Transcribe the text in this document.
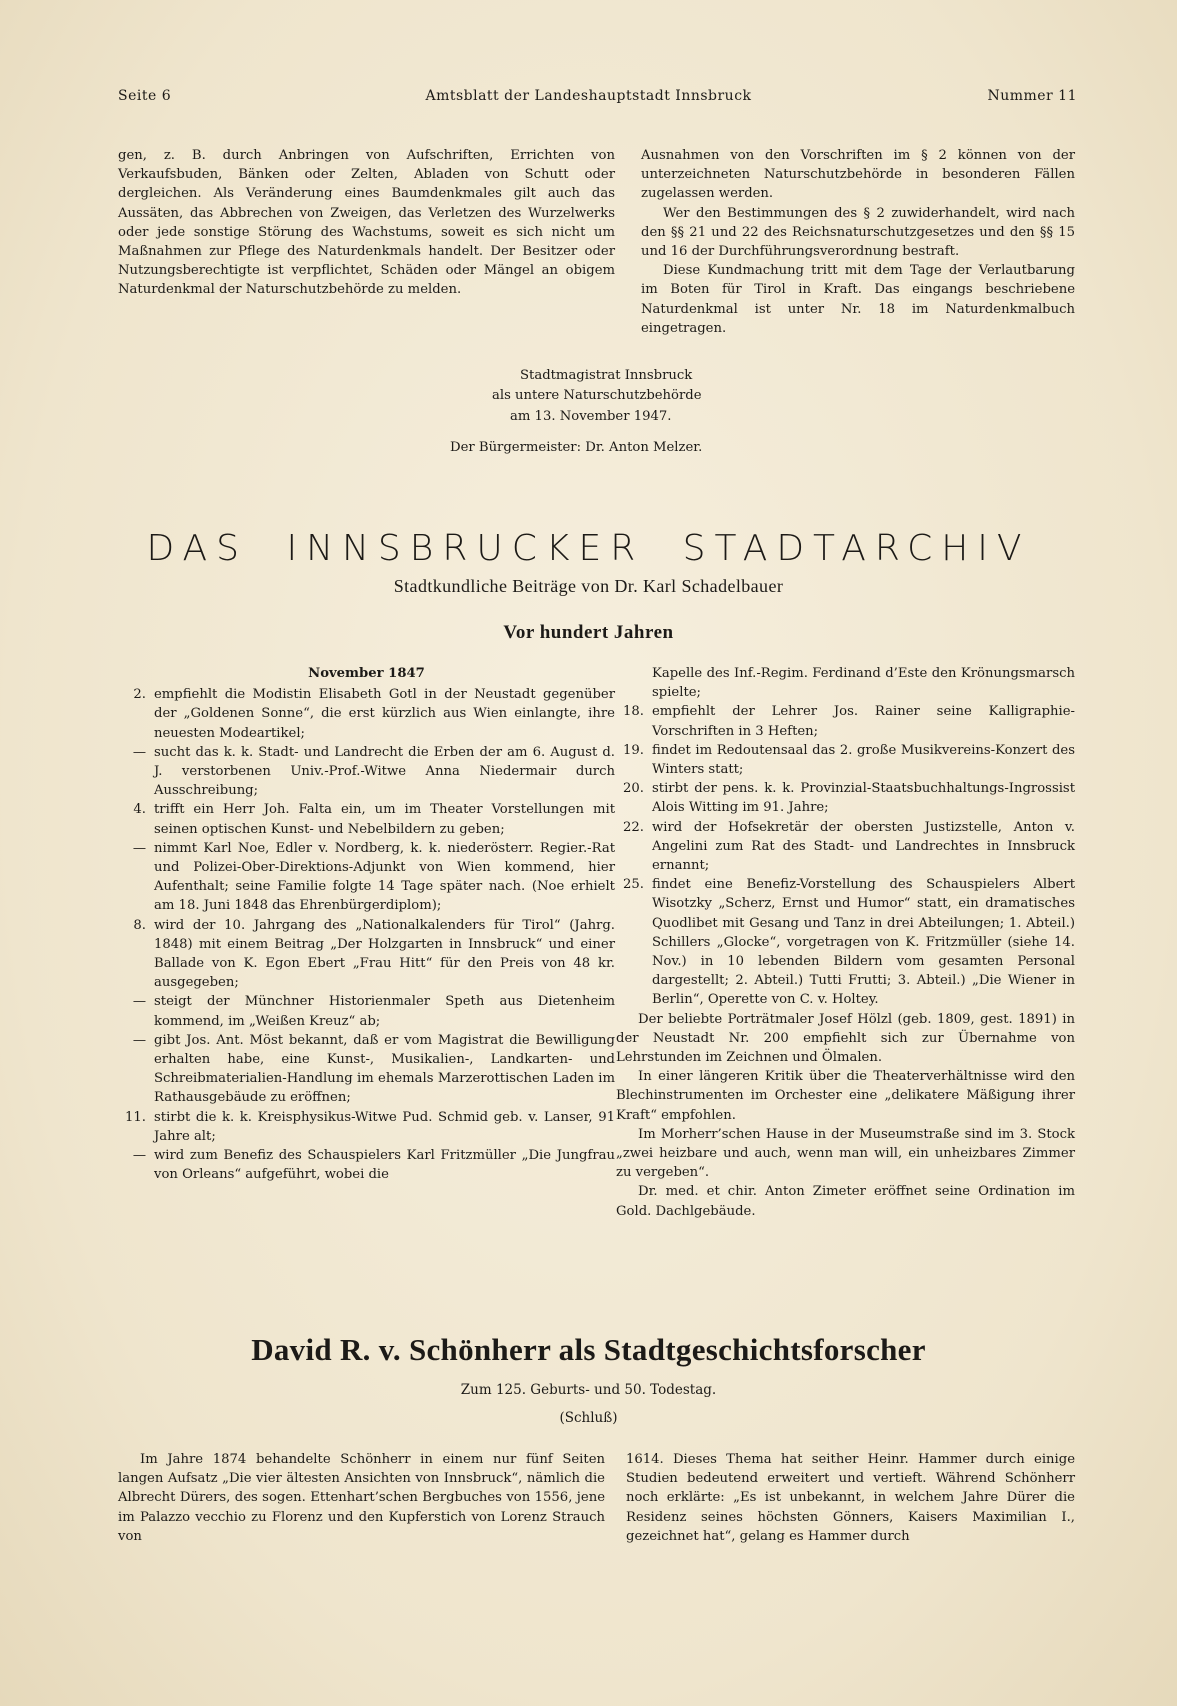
Seite 6	Amtsblatt der Landeshauptstadt Innsbruck	Nummer 11

gen, z. B. durch Anbringen von Aufschriften, Errichten von Verkaufsbuden, Bänken oder Zelten, Abladen von Schutt oder dergleichen. Als Veränderung eines Baumdenkmales gilt auch das Aussäten, das Abbrechen von Zweigen, das Verletzen des Wurzelwerks oder jede sonstige Störung des Wachstums, soweit es sich nicht um Maßnahmen zur Pflege des Naturdenkmals handelt. Der Besitzer oder Nutzungsberechtigte ist verpflichtet, Schäden oder Mängel an obigem Naturdenkmal der Naturschutzbehörde zu melden.

Ausnahmen von den Vorschriften im § 2 können von der unterzeichneten Naturschutzbehörde in besonderen Fällen zugelassen werden.

Wer den Bestimmungen des § 2 zuwiderhandelt, wird nach den §§ 21 und 22 des Reichsnaturschutzgesetzes und den §§ 15 und 16 der Durchführungsverordnung bestraft.

Diese Kundmachung tritt mit dem Tage der Verlautbarung im Boten für Tirol in Kraft. Das eingangs beschriebene Naturdenkmal ist unter Nr. 18 im Naturdenkmalbuch eingetragen.

Stadtmagistrat Innsbruck
als untere Naturschutzbehörde
am 13. November 1947.
Der Bürgermeister: Dr. Anton Melzer.
DAS INNSBRUCKER STADTARCHIV
Stadtkundliche Beiträge von Dr. Karl Schadelbauer
Vor hundert Jahren
November 1847
2. empfiehlt die Modistin Elisabeth Gotl in der Neustadt gegenüber der „Goldenen Sonne“, die erst kürzlich aus Wien einlangte, ihre neuesten Modeartikel;
— sucht das k. k. Stadt- und Landrecht die Erben der am 6. August d. J. verstorbenen Univ.-Prof.-Witwe Anna Niedermair durch Ausschreibung;
4. trifft ein Herr Joh. Falta ein, um im Theater Vorstellungen mit seinen optischen Kunst- und Nebelbildern zu geben;
— nimmt Karl Noe, Edler v. Nordberg, k. k. niederösterr. Regier.-Rat und Polizei-Ober-Direktions-Adjunkt von Wien kommend, hier Aufenthalt; seine Familie folgte 14 Tage später nach. (Noe erhielt am 18. Juni 1848 das Ehrenbürgerdiplom);
8. wird der 10. Jahrgang des „Nationalkalenders für Tirol“ (Jahrg. 1848) mit einem Beitrag „Der Holzgarten in Innsbruck“ und einer Ballade von K. Egon Ebert „Frau Hitt“ für den Preis von 48 kr. ausgegeben;
— steigt der Münchner Historienmaler Speth aus Dietenheim kommend, im „Weißen Kreuz“ ab;
— gibt Jos. Ant. Möst bekannt, daß er vom Magistrat die Bewilligung erhalten habe, eine Kunst-, Musikalien-, Landkarten- und Schreibmaterialien-Handlung im ehemals Marzerottischen Laden im Rathausgebäude zu eröffnen;
11. stirbt die k. k. Kreisphysikus-Witwe Pud. Schmid geb. v. Lanser, 91 Jahre alt;
— wird zum Benefiz des Schauspielers Karl Fritzmüller „Die Jungfrau von Orleans“ aufgeführt, wobei die
Kapelle des Inf.-Regim. Ferdinand d’Este den Krönungsmarsch spielte;
18. empfiehlt der Lehrer Jos. Rainer seine Kalligraphie-Vorschriften in 3 Heften;
19. findet im Redoutensaal das 2. große Musikvereins-Konzert des Winters statt;
20. stirbt der pens. k. k. Provinzial-Staatsbuchhaltungs-Ingrossist Alois Witting im 91. Jahre;
22. wird der Hofsekretär der obersten Justizstelle, Anton v. Angelini zum Rat des Stadt- und Landrechtes in Innsbruck ernannt;
25. findet eine Benefiz-Vorstellung des Schauspielers Albert Wisotzky „Scherz, Ernst und Humor“ statt, ein dramatisches Quodlibet mit Gesang und Tanz in drei Abteilungen; 1. Abteil.) Schillers „Glocke“, vorgetragen von K. Fritzmüller (siehe 14. Nov.) in 10 lebenden Bildern vom gesamten Personal dargestellt; 2. Abteil.) Tutti Frutti; 3. Abteil.) „Die Wiener in Berlin“, Operette von C. v. Holtey.

Der beliebte Porträtmaler Josef Hölzl (geb. 1809, gest. 1891) in der Neustadt Nr. 200 empfiehlt sich zur Übernahme von Lehrstunden im Zeichnen und Ölmalen.

In einer längeren Kritik über die Theaterverhältnisse wird den Blechinstrumenten im Orchester eine „delikatere Mäßigung ihrer Kraft“ empfohlen.

Im Morherr’schen Hause in der Museumstraße sind im 3. Stock „zwei heizbare und auch, wenn man will, ein unheizbares Zimmer zu vergeben“.

Dr. med. et chir. Anton Zimeter eröffnet seine Ordination im Gold. Dachlgebäude.

David R. v. Schönherr als Stadtgeschichtsforscher
Zum 125. Geburts- und 50. Todestag.
(Schluß)

Im Jahre 1874 behandelte Schönherr in einem nur fünf Seiten langen Aufsatz „Die vier ältesten Ansichten von Innsbruck“, nämlich die Albrecht Dürers, des sogen. Ettenhart’schen Bergbuches von 1556, jene im Palazzo vecchio zu Florenz und den Kupferstich von Lorenz Strauch von

1614. Dieses Thema hat seither Heinr. Hammer durch einige Studien bedeutend erweitert und vertieft. Während Schönherr noch erklärte: „Es ist unbekannt, in welchem Jahre Dürer die Residenz seines höchsten Gönners, Kaisers Maximilian I., gezeichnet hat“, gelang es Hammer durch
